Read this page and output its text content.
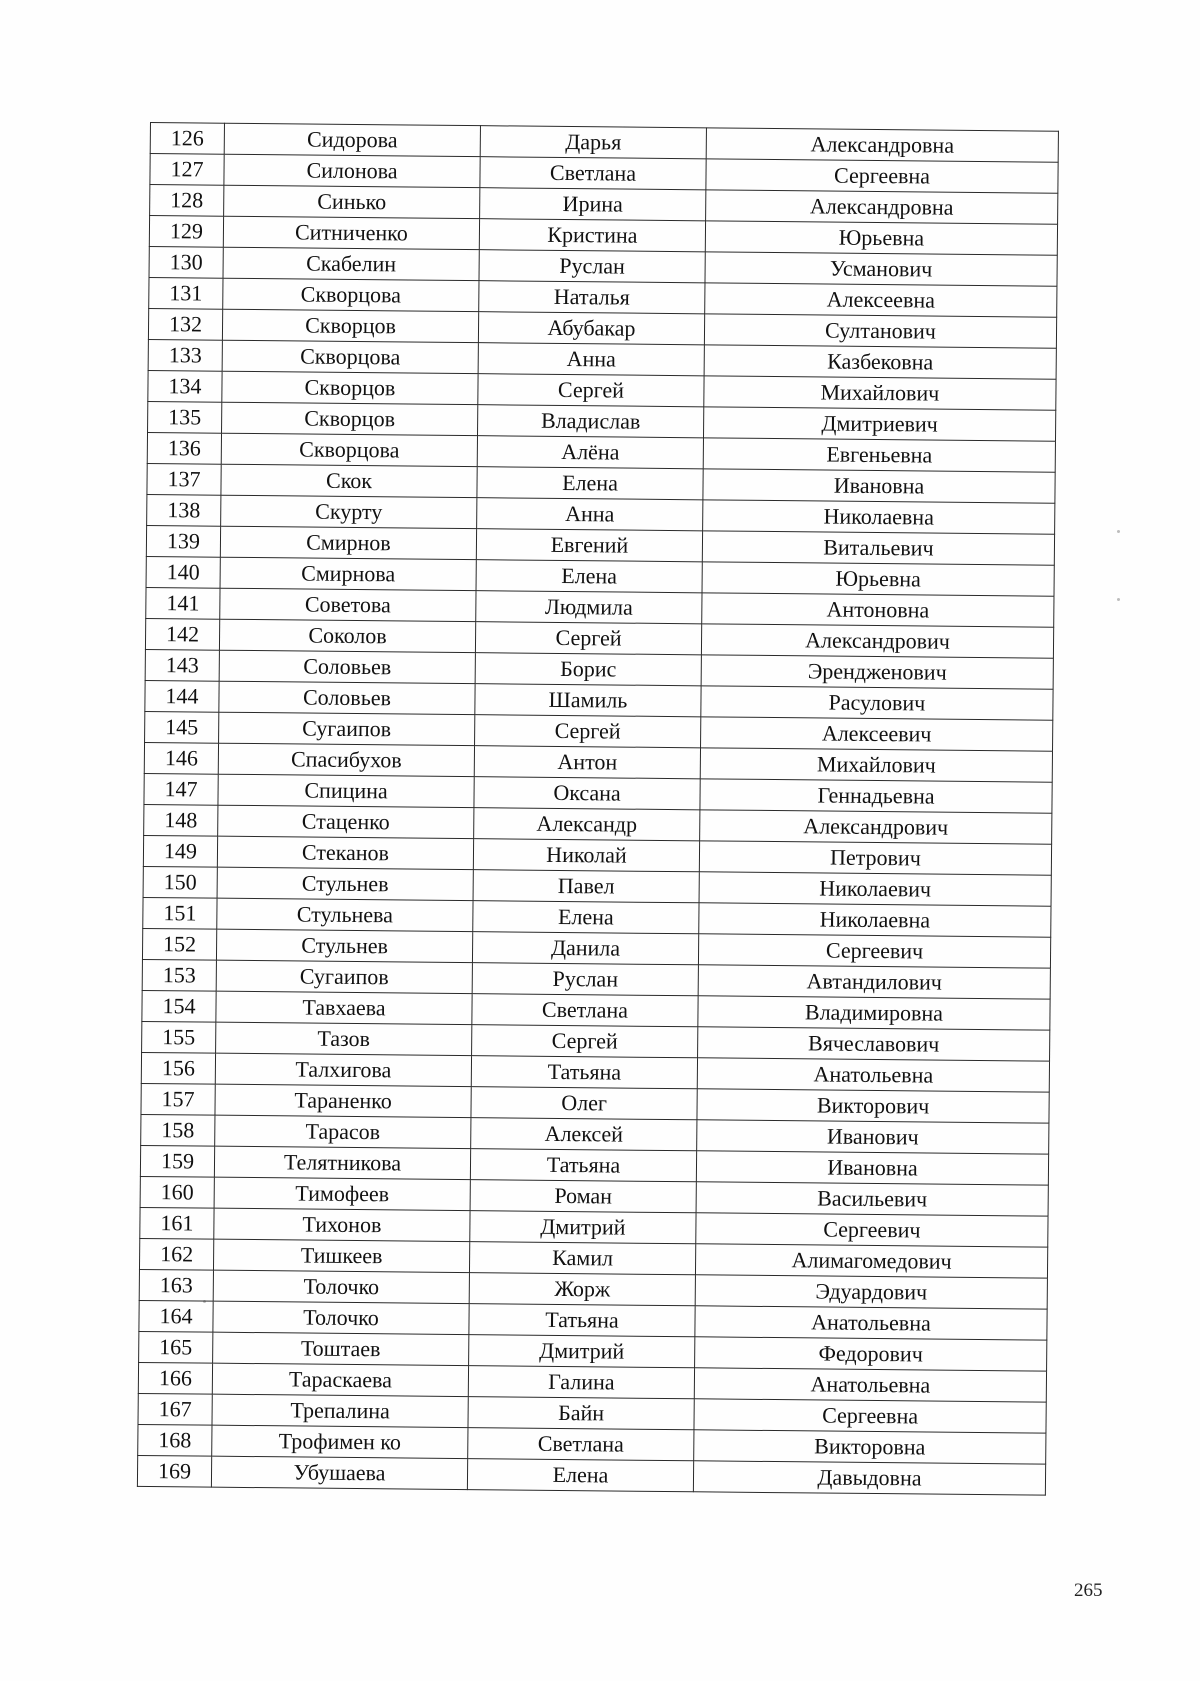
126	Сидорова	Дарья	Александровна
127	Силонова	Светлана	Сергеевна
128	Синько	Ирина	Александровна
129	Ситниченко	Кристина	Юрьевна
130	Скабелин	Руслан	Усманович
131	Скворцова	Наталья	Алексеевна
132	Скворцов	Абубакар	Султанович
133	Скворцова	Анна	Казбековна
134	Скворцов	Сергей	Михайлович
135	Скворцов	Владислав	Дмитриевич
136	Скворцова	Алёна	Евгеньевна
137	Скок	Елена	Ивановна
138	Скурту	Анна	Николаевна
139	Смирнов	Евгений	Витальевич
140	Смирнова	Елена	Юрьевна
141	Советова	Людмила	Антоновна
142	Соколов	Сергей	Александрович
143	Соловьев	Борис	Эрендженович
144	Соловьев	Шамиль	Расулович
145	Сугаипов	Сергей	Алексеевич
146	Спасибухов	Антон	Михайлович
147	Спицина	Оксана	Геннадьевна
148	Стаценко	Александр	Александрович
149	Стеканов	Николай	Петрович
150	Стульнев	Павел	Николаевич
151	Стульнева	Елена	Николаевна
152	Стульнев	Данила	Сергеевич
153	Сугаипов	Руслан	Автандилович
154	Тавхаева	Светлана	Владимировна
155	Тазов	Сергей	Вячеславович
156	Талхигова	Татьяна	Анатольевна
157	Тараненко	Олег	Викторович
158	Тарасов	Алексей	Иванович
159	Телятникова	Татьяна	Ивановна
160	Тимофеев	Роман	Васильевич
161	Тихонов	Дмитрий	Сергеевич
162	Тишкеев	Камил	Алимагомедович
163	Толочко	Жорж	Эдуардович
164	Толочко	Татьяна	Анатольевна
165	Тоштаев	Дмитрий	Федорович
166	Тараскаева	Галина	Анатольевна
167	Трепалина	Байн	Сергеевна
168	Трофимен ко	Светлана	Викторовна
169	Убушаева	Елена	Давыдовна
265
